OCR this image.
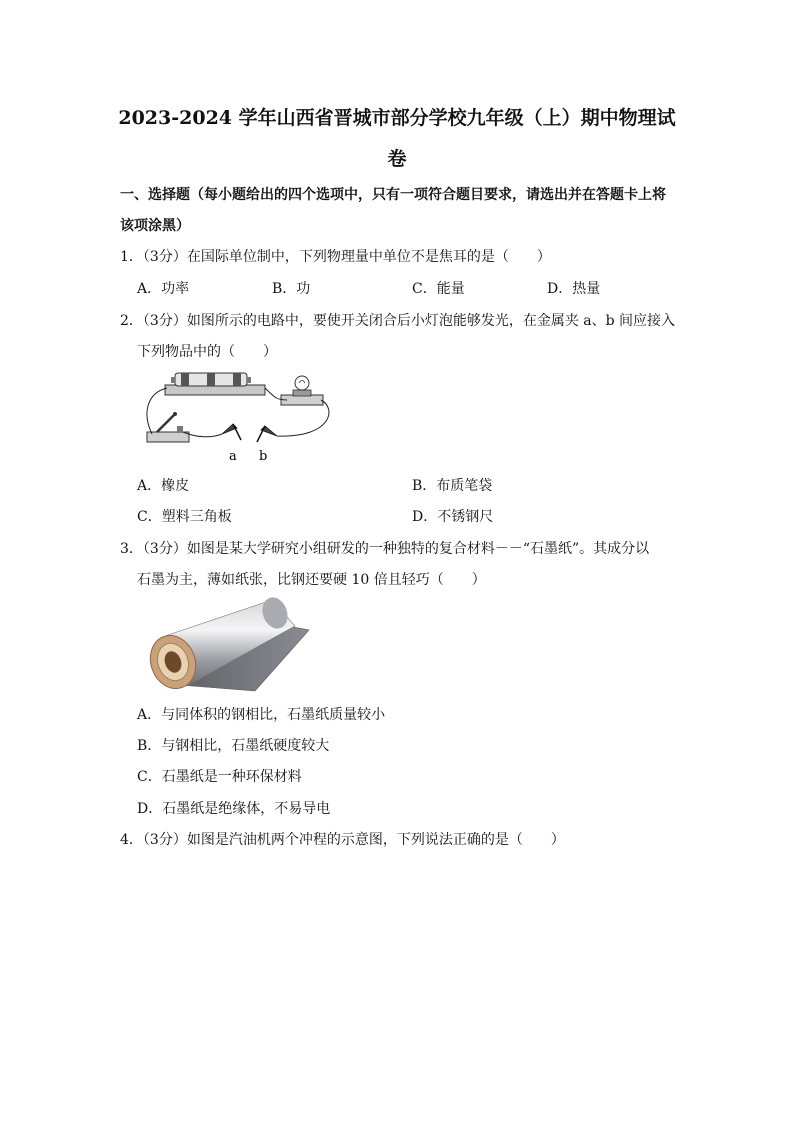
2023-2024 学年山西省晋城市部分学校九年级（上）期中物理试
卷
一、选择题（每小题给出的四个选项中，只有一项符合题目要求，请选出并在答题卡上将
该项涂黑）
1．（3分）在国际单位制中，下列物理量中单位不是焦耳的是（　　）
A．功率	B．功	C．能量	D．热量
2．（3分）如图所示的电路中，要使开关闭合后小灯泡能够发光，在金属夹 a、b 间应接入
下列物品中的（　　）
a b
A．橡皮	B．布质笔袋
C．塑料三角板	D．不锈钢尺
3．（3分）如图是某大学研究小组研发的一种独特的复合材料－－“石墨纸”。其成分以
石墨为主，薄如纸张，比钢还要硬 10 倍且轻巧（　　）
A．与同体积的钢相比，石墨纸质量较小
B．与钢相比，石墨纸硬度较大
C．石墨纸是一种环保材料
D．石墨纸是绝缘体，不易导电
4．（3分）如图是汽油机两个冲程的示意图，下列说法正确的是（　　）
